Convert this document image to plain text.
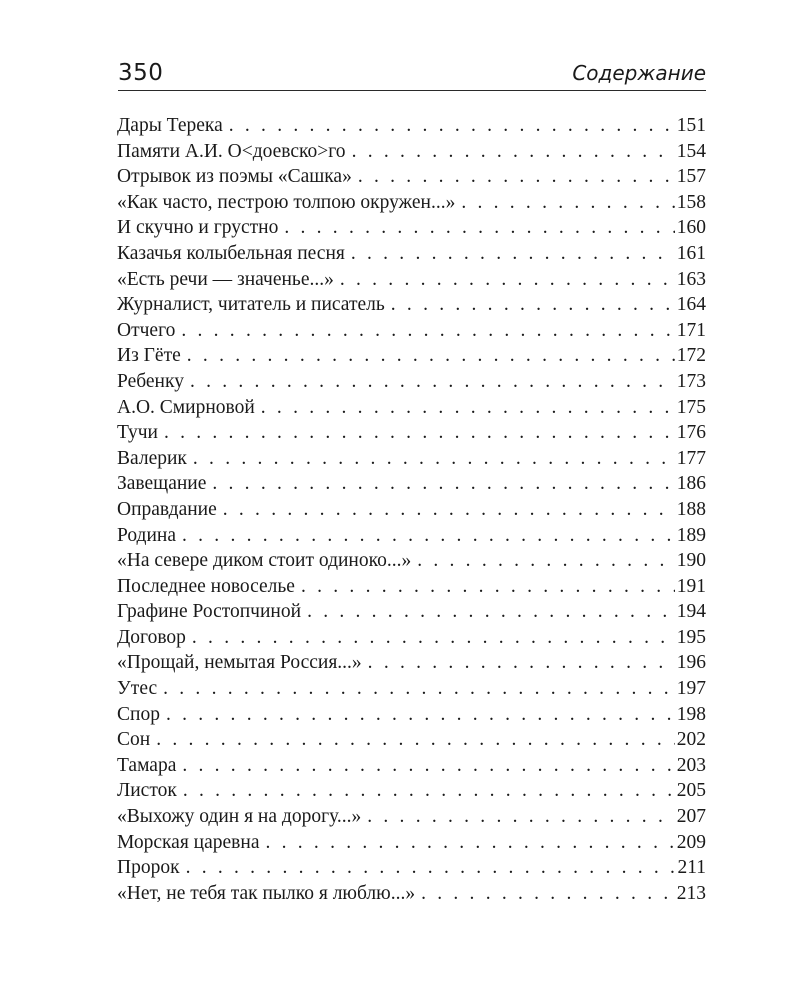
350	Содержание
Дары Терека . . .	151
Памяти А.И. О<доевско>го . . .	154
Отрывок из поэмы «Сашка» . . .	157
«Как часто, пестрою толпою окружен...» . . .	158
И скучно и грустно . . .	160
Казачья колыбельная песня . . .	161
«Есть речи — значенье...» . . .	163
Журналист, читатель и писатель . . .	164
Отчего . . .	171
Из Гёте . . .	172
Ребенку . . .	173
А.О. Смирновой . . .	175
Тучи . . .	176
Валерик . . .	177
Завещание . . .	186
Оправдание . . .	188
Родина . . .	189
«На севере диком стоит одиноко...» . . .	190
Последнее новоселье . . .	191
Графине Ростопчиной . . .	194
Договор . . .	195
«Прощай, немытая Россия...» . . .	196
Утес . . .	197
Спор . . .	198
Сон . . .	202
Тамара . . .	203
Листок . . .	205
«Выхожу один я на дорогу...» . . .	207
Морская царевна . . .	209
Пророк . . .	211
«Нет, не тебя так пылко я люблю...» . . .	213
